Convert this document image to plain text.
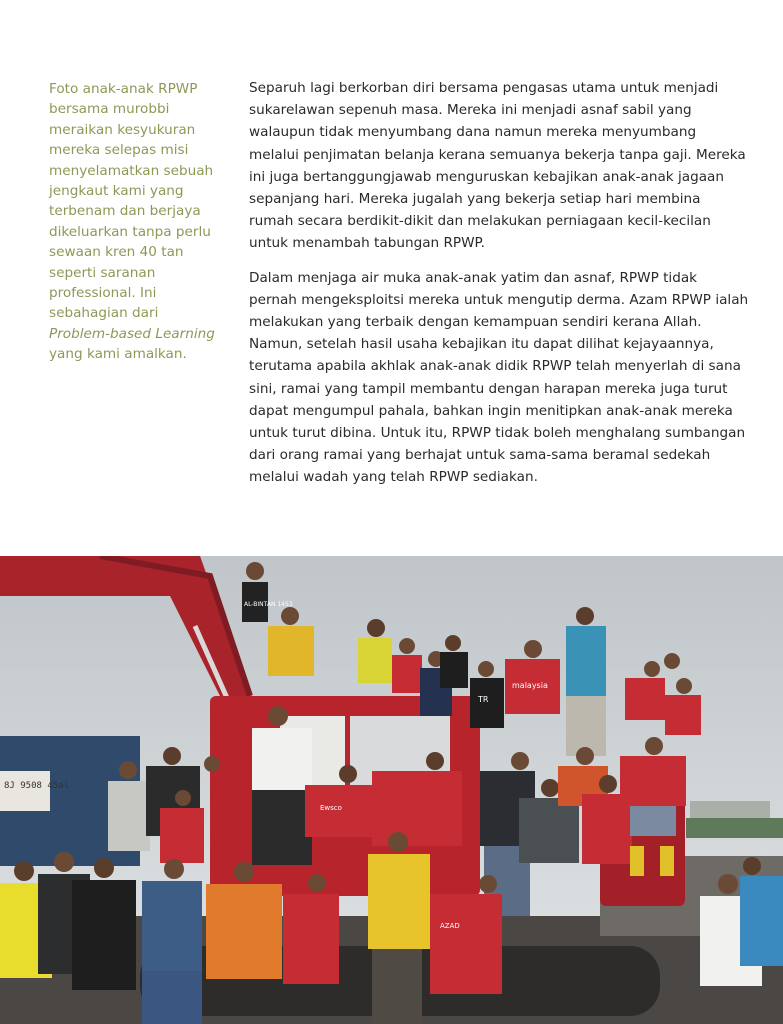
Foto anak-anak RPWP bersama murobbi meraikan kesyukuran mereka selepas misi menyelamatkan sebuah jengkaut kami yang terbenam dan berjaya dikeluarkan tanpa perlu sewaan kren 40 tan seperti saranan professional. Ini sebahagian dari Problem-based Learning yang kami amalkan.

Separuh lagi berkorban diri bersama pengasas utama untuk menjadi sukarelawan sepenuh masa. Mereka ini menjadi asnaf sabil yang walaupun tidak menyumbang dana namun mereka menyumbang melalui penjimatan belanja kerana semuanya bekerja tanpa gaji. Mereka ini juga bertanggungjawab menguruskan kebajikan anak-anak jagaan sepanjang hari. Mereka jugalah yang bekerja setiap hari membina rumah secara berdikit-dikit dan melakukan perniagaan kecil-kecilan untuk menambah tabungan RPWP.

Dalam menjaga air muka anak-anak yatim dan asnaf, RPWP tidak pernah mengeksploitsi mereka untuk mengutip derma. Azam RPWP ialah melakukan yang terbaik dengan kemampuan sendiri kerana Allah. Namun, setelah hasil usaha kebajikan itu dapat dilihat kejayaannya, terutama apabila akhlak anak-anak didik RPWP telah menyerlah di sana sini, ramai yang tampil membantu dengan harapan mereka juga turut dapat mengumpul pahala, bahkan ingin menitipkan anak-anak mereka untuk turut dibina. Untuk itu, RPWP tidak boleh menghalang sumbangan dari orang ramai yang berhajat untuk sama-sama beramal sedekah melalui wadah yang telah RPWP sediakan.

8J 9508 45al
AL-BINTAN 1453
TR
malaysia
Ewsco
AZAD
